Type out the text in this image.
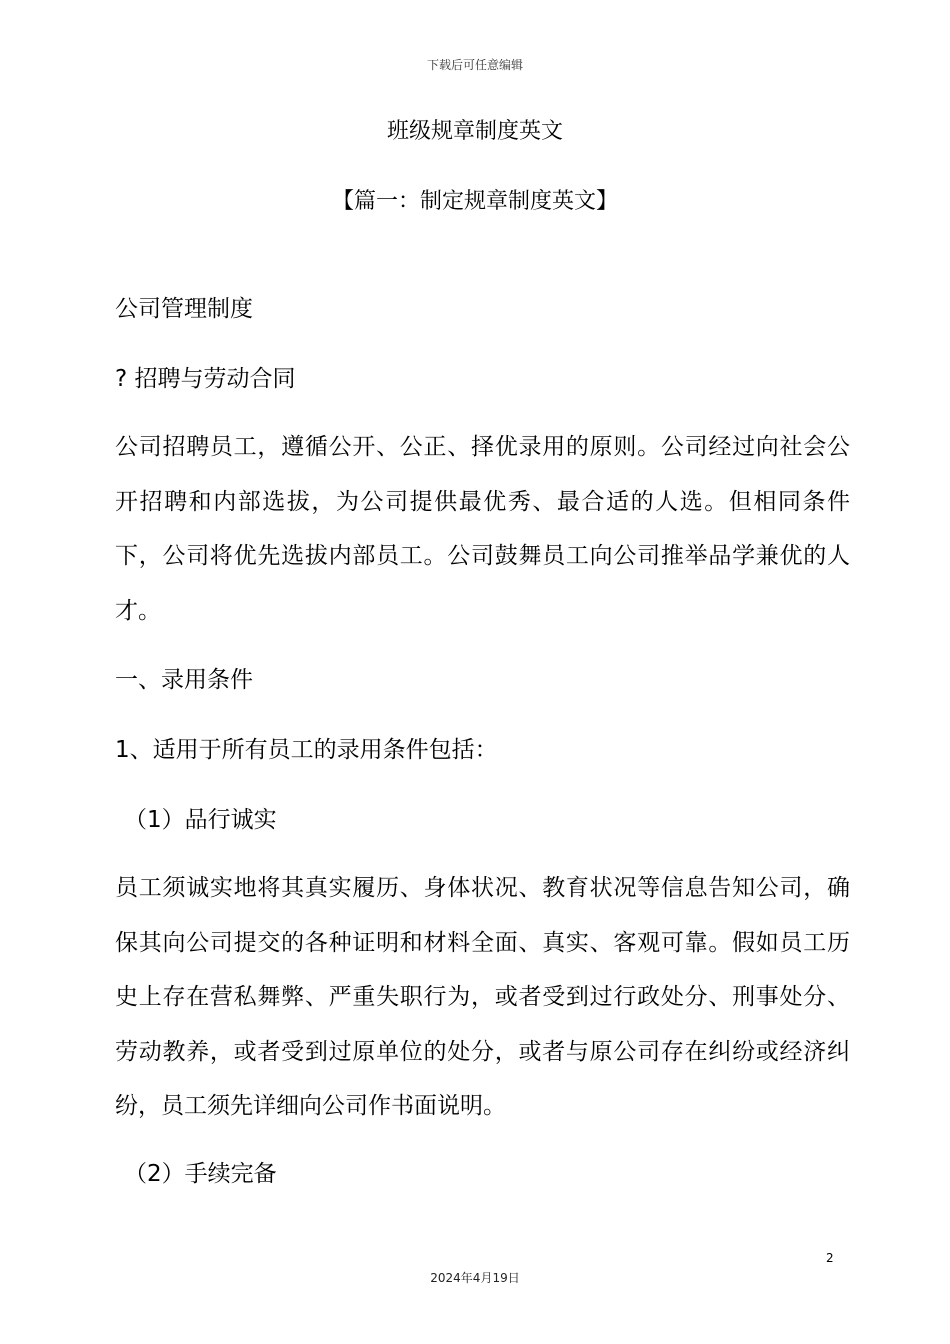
下载后可任意编辑
班级规章制度英文
【篇一：制定规章制度英文】
公司管理制度
? 招聘与劳动合同
公司招聘员工，遵循公开、公正、择优录用的原则。公司经过向社会公开招聘和内部选拔，为公司提供最优秀、最合适的人选。但相同条件下，公司将优先选拔内部员工。公司鼓舞员工向公司推举品学兼优的人才。
一、录用条件
1、适用于所有员工的录用条件包括：
（1）品行诚实
员工须诚实地将其真实履历、身体状况、教育状况等信息告知公司，确保其向公司提交的各种证明和材料全面、真实、客观可靠。假如员工历史上存在营私舞弊、严重失职行为，或者受到过行政处分、刑事处分、劳动教养，或者受到过原单位的处分，或者与原公司存在纠纷或经济纠纷，员工须先详细向公司作书面说明。
（2）手续完备
2
2024年4月19日
